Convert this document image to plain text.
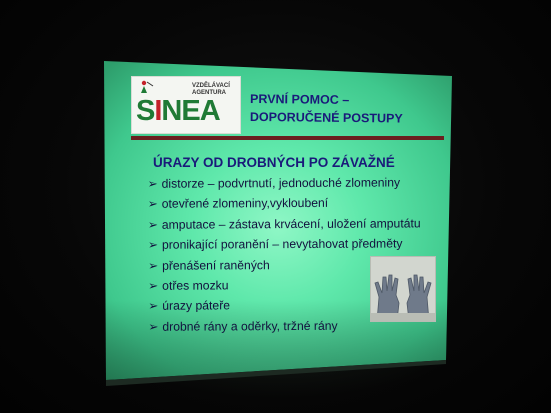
VZDĚLÁVACÍ
AGENTURA
SINEA PRVNÍ POMOC –
DOPORUČENÉ POSTUPY
ÚRAZY OD DROBNÝCH PO ZÁVAŽNÉ
➢ distorze – podvrtnutí, jednoduché zlomeniny
➢ otevřené zlomeniny,vykloubení
➢ amputace – zástava krvácení, uložení amputátu
➢ pronikající poranění – nevytahovat předměty
➢ přenášení raněných
➢ otřes mozku
➢ úrazy páteře
➢ drobné rány a oděrky, tržné rány
